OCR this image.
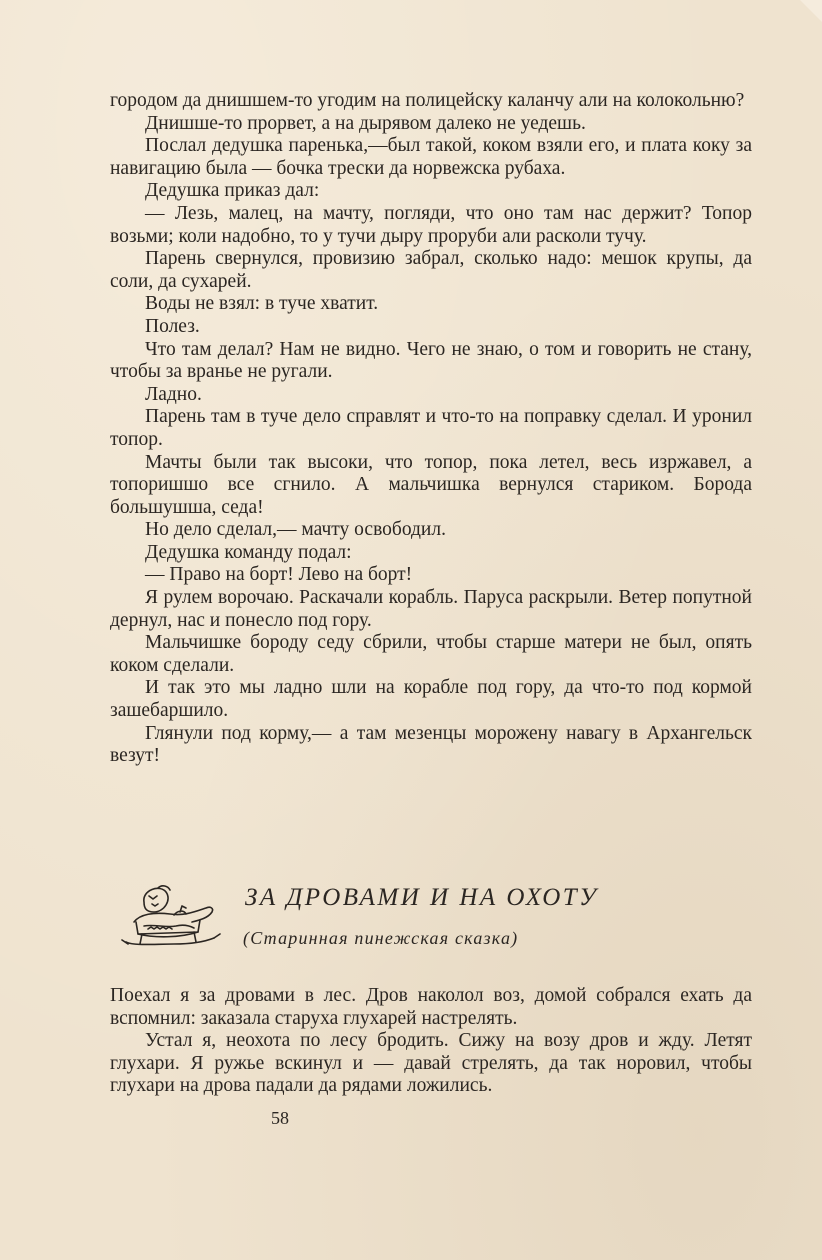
городом да днишшем-то угодим на полицейску каланчу али на колокольню?

Днишше-то прорвет, а на дырявом далеко не уедешь.

Послал дедушка паренька,—был такой, коком взяли его, и плата коку за навигацию была — бочка трески да норвежска рубаха.

Дедушка приказ дал:

— Лезь, малец, на мачту, погляди, что оно там нас держит? Топор возьми; коли надобно, то у тучи дыру проруби али расколи тучу.

Парень свернулся, провизию забрал, сколько надо: мешок крупы, да соли, да сухарей.

Воды не взял: в туче хватит.

Полез.

Что там делал? Нам не видно. Чего не знаю, о том и говорить не стану, чтобы за вранье не ругали.

Ладно.

Парень там в туче дело справлят и что-то на поправку сделал. И уронил топор.

Мачты были так высоки, что топор, пока летел, весь изржавел, а топоришшо все сгнило. А мальчишка вернулся стариком. Борода большушша, седа!

Но дело сделал,— мачту освободил.

Дедушка команду подал:

— Право на борт! Лево на борт!

Я рулем ворочаю. Раскачали корабль. Паруса раскрыли. Ветер попутной дернул, нас и понесло под гору.

Мальчишке бороду седу сбрили, чтобы старше матери не был, опять коком сделали.

И так это мы ладно шли на корабле под гору, да что-то под кормой зашебаршило.

Глянули под корму,— а там мезенцы морожену навагу в Архангельск везут!

ЗА ДРОВАМИ И НА ОХОТУ
(Старинная пинежская сказка)

Поехал я за дровами в лес. Дров наколол воз, домой собрался ехать да вспомнил: заказала старуха глухарей настрелять.

Устал я, неохота по лесу бродить. Сижу на возу дров и жду. Летят глухари. Я ружье вскинул и — давай стрелять, да так норовил, чтобы глухари на дрова падали да рядами ложились.

58
